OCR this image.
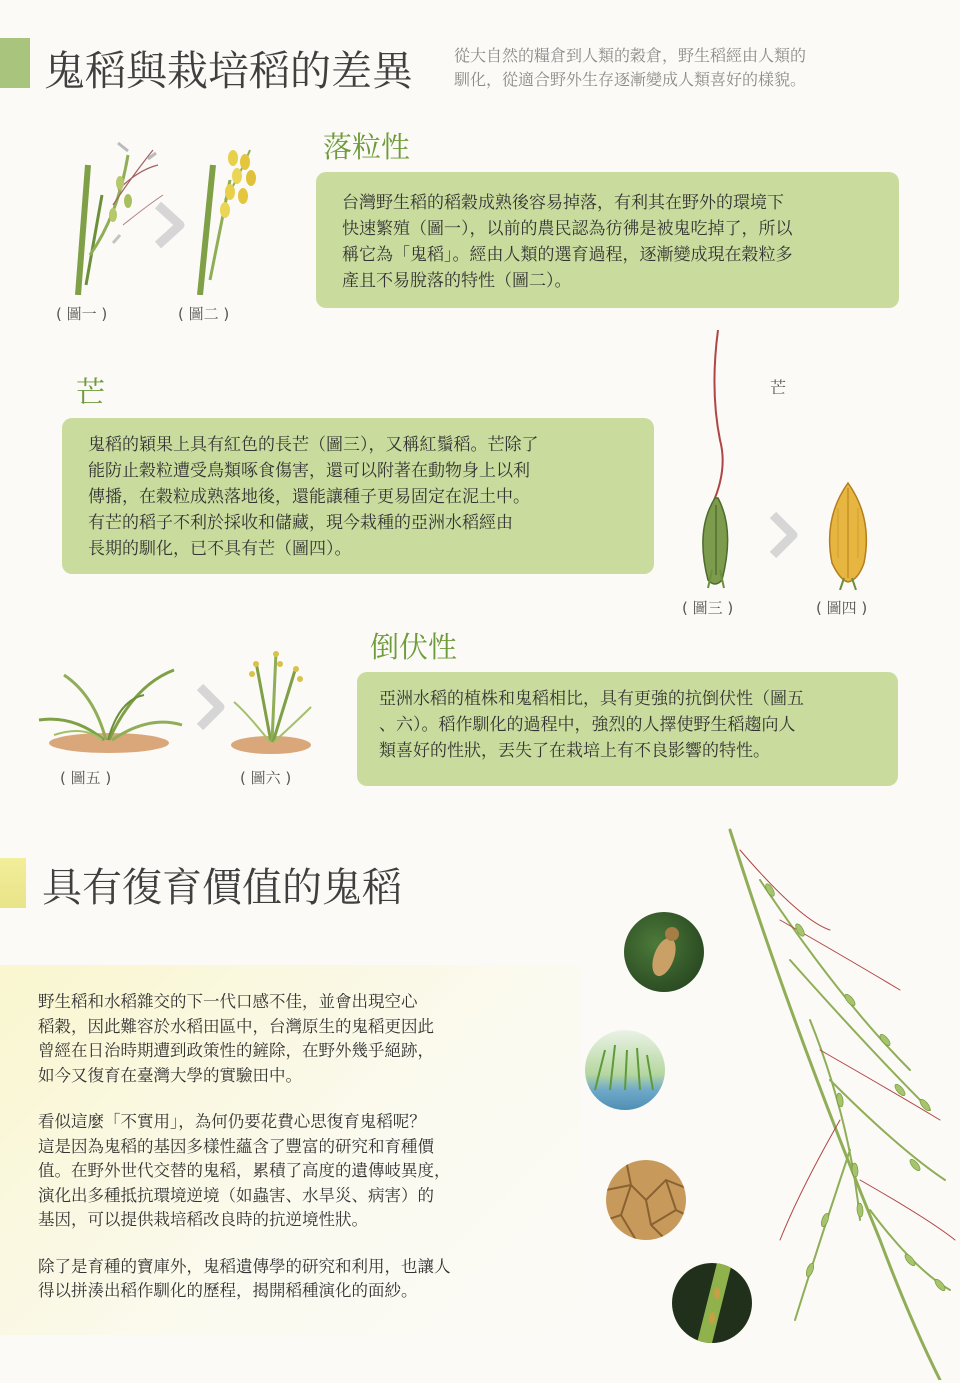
鬼稻與栽培稻的差異	從大自然的糧倉到人類的穀倉，野生稻經由人類的
馴化，從適合野外生存逐漸變成人類喜好的樣貌。
( 圖一 )	( 圖二 )
落粒性

台灣野生稻的稻穀成熟後容易掉落，有利其在野外的環境下

快速繁殖（圖一），以前的農民認為彷彿是被鬼吃掉了，所以

稱它為「鬼稻」。經由人類的選育過程，逐漸變成現在穀粒多

產且不易脫落的特性（圖二）。

芒

鬼稻的穎果上具有紅色的長芒（圖三），又稱紅鬚稻。芒除了

能防止穀粒遭受鳥類啄食傷害，還可以附著在動物身上以利

傳播，在穀粒成熟落地後，還能讓種子更易固定在泥土中。

有芒的稻子不利於採收和儲藏，現今栽種的亞洲水稻經由

長期的馴化，已不具有芒（圖四）。

芒
( 圖三 )	( 圖四 )
倒伏性

亞洲水稻的植株和鬼稻相比，具有更強的抗倒伏性（圖五

、六）。稻作馴化的過程中，強烈的人擇使野生稻趨向人

類喜好的性狀，丟失了在栽培上有不良影響的特性。

( 圖五 )	( 圖六 )
具有復育價值的鬼稻

野生稻和水稻雜交的下一代口感不佳，並會出現空心

稻穀，因此難容於水稻田區中，台灣原生的鬼稻更因此

曾經在日治時期遭到政策性的鏟除，在野外幾乎絕跡，

如今又復育在臺灣大學的實驗田中。

看似這麼「不實用」，為何仍要花費心思復育鬼稻呢？

這是因為鬼稻的基因多樣性蘊含了豐富的研究和育種價

值。在野外世代交替的鬼稻，累積了高度的遺傳岐異度，

演化出多種抵抗環境逆境（如蟲害、水旱災、病害）的

基因，可以提供栽培稻改良時的抗逆境性狀。

除了是育種的寶庫外，鬼稻遺傳學的研究和利用，也讓人

得以拼湊出稻作馴化的歷程，揭開稻種演化的面紗。
